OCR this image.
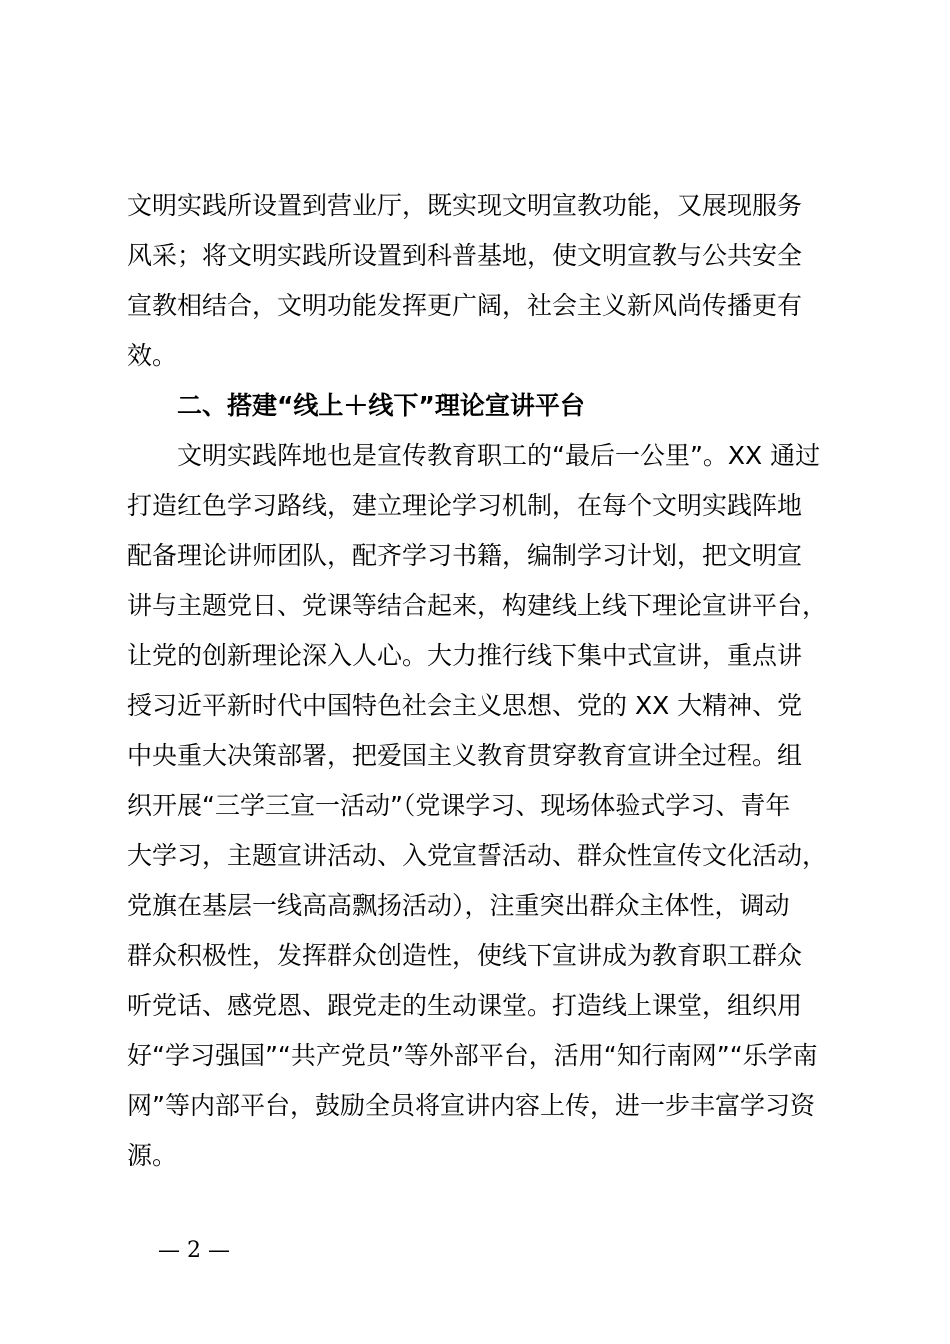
文明实践所设置到营业厅，既实现文明宣教功能，又展现服务
风采；将文明实践所设置到科普基地，使文明宣教与公共安全
宣教相结合，文明功能发挥更广阔，社会主义新风尚传播更有
效。
二、搭建“线上＋线下”理论宣讲平台
文明实践阵地也是宣传教育职工的“最后一公里”。XX 通过
打造红色学习路线，建立理论学习机制，在每个文明实践阵地
配备理论讲师团队，配齐学习书籍，编制学习计划，把文明宣
讲与主题党日、党课等结合起来，构建线上线下理论宣讲平台，
让党的创新理论深入人心。大力推行线下集中式宣讲，重点讲
授习近平新时代中国特色社会主义思想、党的 XX 大精神、党
中央重大决策部署，把爱国主义教育贯穿教育宣讲全过程。组
织开展“三学三宣一活动”（党课学习、现场体验式学习、青年
大学习，主题宣讲活动、入党宣誓活动、群众性宣传文化活动，
党旗在基层一线高高飘扬活动），注重突出群众主体性，调动
群众积极性，发挥群众创造性，使线下宣讲成为教育职工群众
听党话、感党恩、跟党走的生动课堂。打造线上课堂，组织用
好“学习强国”“共产党员”等外部平台，活用“知行南网”“乐学南
网”等内部平台，鼓励全员将宣讲内容上传，进一步丰富学习资
源。
— 2 —
